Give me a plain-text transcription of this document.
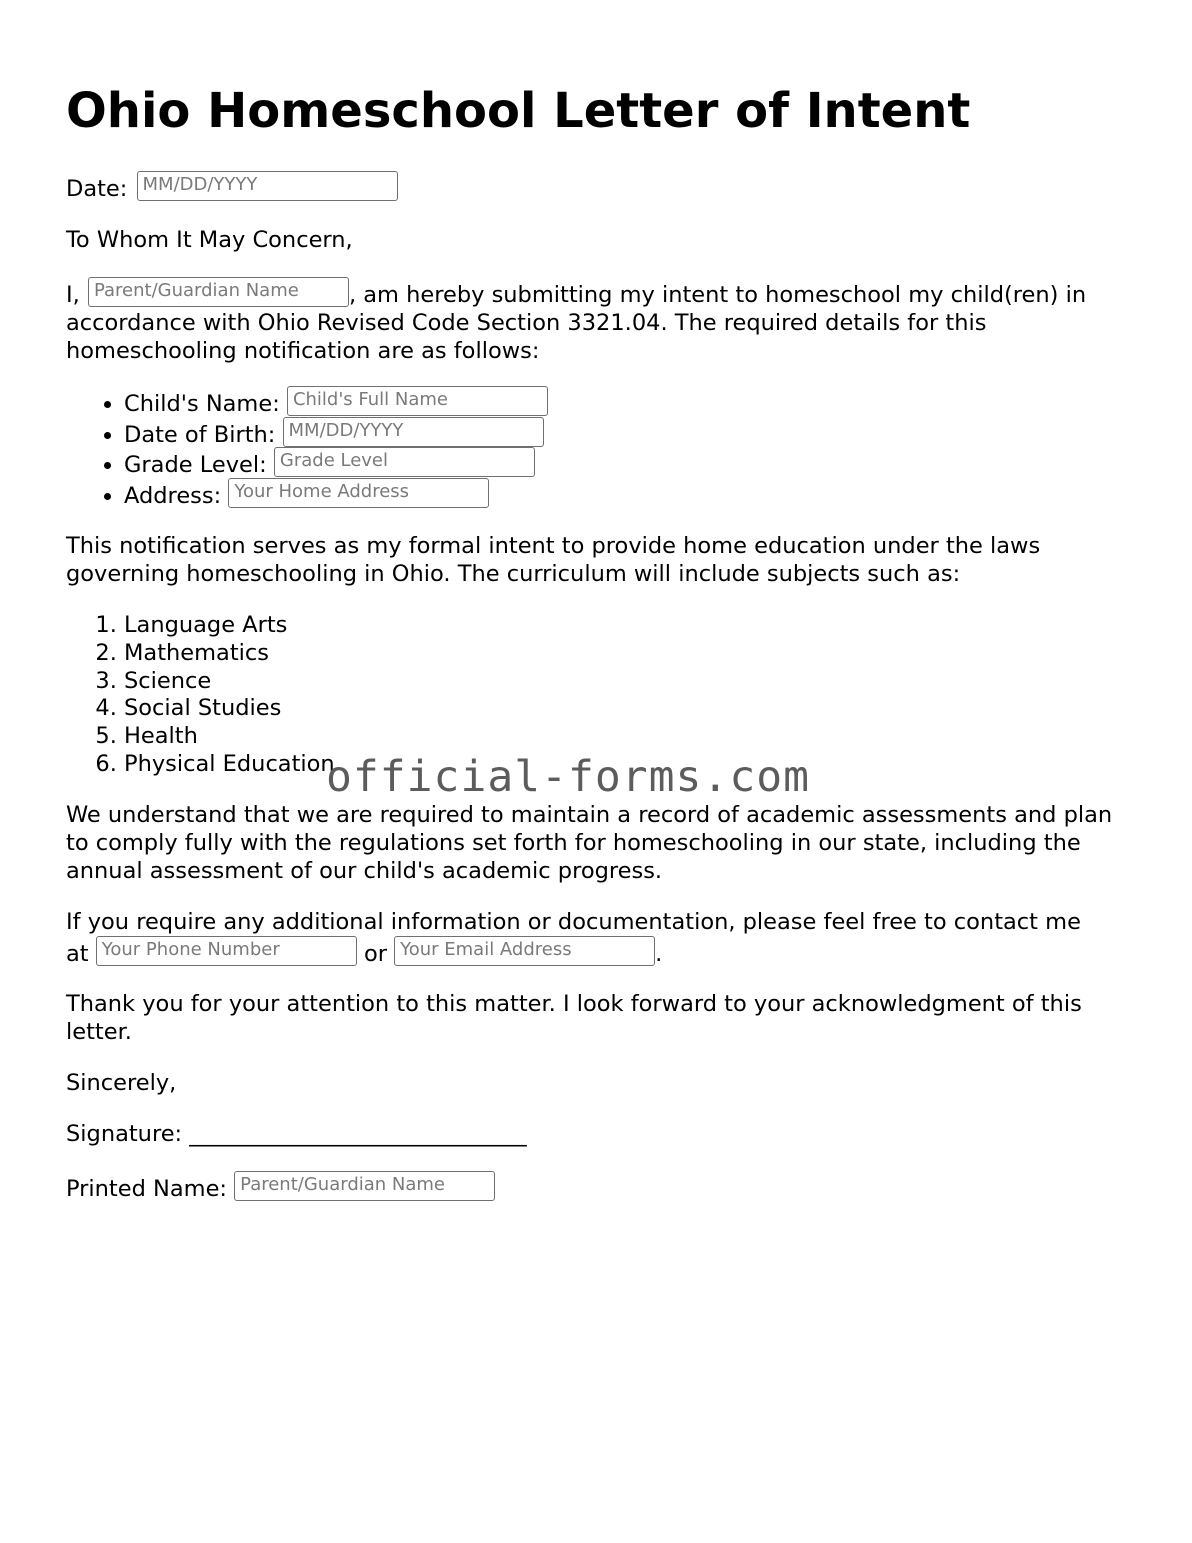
Ohio Homeschool Letter of Intent
Date: MM/DD/YYYY
To Whom It May Concern,
I, Parent/Guardian Name , am hereby submitting my intent to homeschool my child(ren) in
accordance with Ohio Revised Code Section 3321.04. The required details for this homeschooling notification are as follows:
• Child's Name: Child's Full Name
• Date of Birth: MM/DD/YYYY
• Grade Level: Grade Level
• Address: Your Home Address
This notification serves as my formal intent to provide home education under the laws governing homeschooling in Ohio. The curriculum will include subjects such as:
1. Language Arts
2. Mathematics
3. Science
4. Social Studies
5. Health
6. Physical Education
We understand that we are required to maintain a record of academic assessments and plan to comply fully with the regulations set forth for homeschooling in our state, including the annual assessment of our child's academic progress.
If you require any additional information or documentation, please feel free to contact me
at Your Phone Number	or Your Email Address	.
Thank you for your attention to this matter. I look forward to your acknowledgment of this letter.
Sincerely,
Signature: ______________________________
Printed Name: Parent/Guardian Name
official-forms.com
